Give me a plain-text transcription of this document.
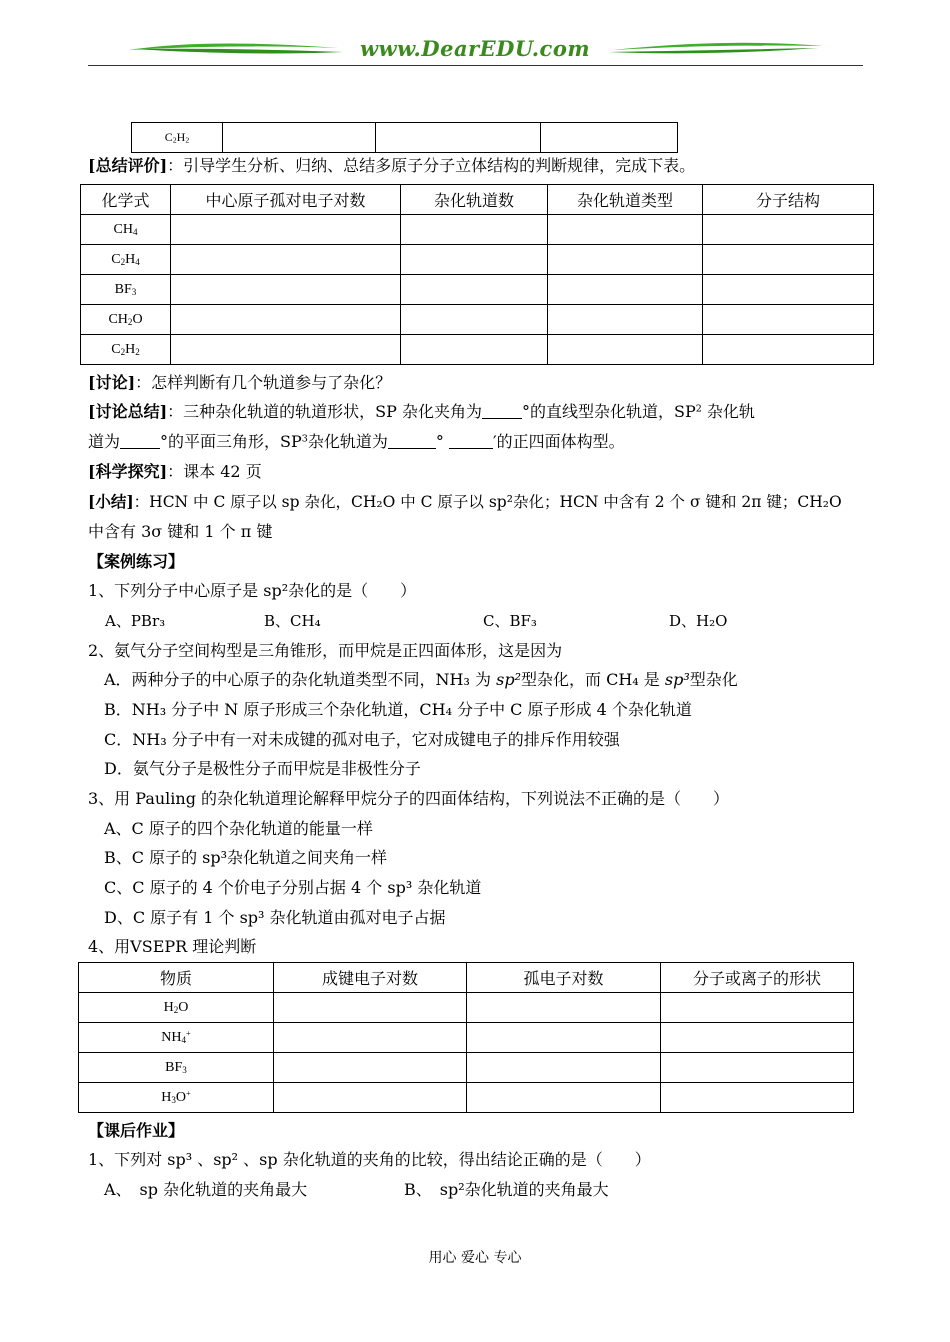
www.DearEDU.com
$C_2H_2$			
[总结评价]：引导学生分析、归纳、总结多原子分子立体结构的判断规律，完成下表。
化学式	中心原子孤对电子对数	杂化轨道数	杂化轨道类型	分子结构
$CH_4$				
$C_2H_4$				
$BF_3$				
$CH_2O$				
$C_2H_2$				
[讨论]：怎样判断有几个轨道参与了杂化？
[讨论总结]：三种杂化轨道的轨道形状，SP 杂化夹角为	°的直线型杂化轨道，$SP^2$ 杂化轨
道为	°的平面三角形，$SP^3$杂化轨道为	°	′的正四面体构型。
[科学探究]：课本 42 页
[小结]：HCN 中 C 原子以 sp 杂化，CH₂O 中 C 原子以 sp²杂化；HCN 中含有 2 个 σ 键和 2π 键；CH₂O
中含有 3σ 键和 1 个 π 键
【案例练习】
1、下列分子中心原子是 sp²杂化的是（　　）
A、PBr₃	B、CH₄	C、BF₃	D、H₂O
2、氨气分子空间构型是三角锥形，而甲烷是正四面体形，这是因为
A．两种分子的中心原子的杂化轨道类型不同，NH₃ 为 sp²型杂化，而 CH₄ 是 sp³型杂化
B．NH₃ 分子中 N 原子形成三个杂化轨道，CH₄ 分子中 C 原子形成 4 个杂化轨道
C．NH₃ 分子中有一对未成键的孤对电子，它对成键电子的排斥作用较强
D．氨气分子是极性分子而甲烷是非极性分子
3、用 Pauling 的杂化轨道理论解释甲烷分子的四面体结构，下列说法不正确的是（　　）
A、C 原子的四个杂化轨道的能量一样
B、C 原子的 sp³杂化轨道之间夹角一样
C、C 原子的 4 个价电子分别占据 4 个 sp³ 杂化轨道
D、C 原子有 1 个 sp³ 杂化轨道由孤对电子占据
4、用VSEPR 理论判断
物质	成键电子对数	孤电子对数	分子或离子的形状
$H_2O$			
$NH_4^+$			
$BF_3$			
$H_3O^+$			
【课后作业】
1、下列对 sp³ 、sp² 、sp 杂化轨道的夹角的比较，得出结论正确的是（　　）
A、　sp 杂化轨道的夹角最大	B、　sp²杂化轨道的夹角最大
用心 爱心 专心
